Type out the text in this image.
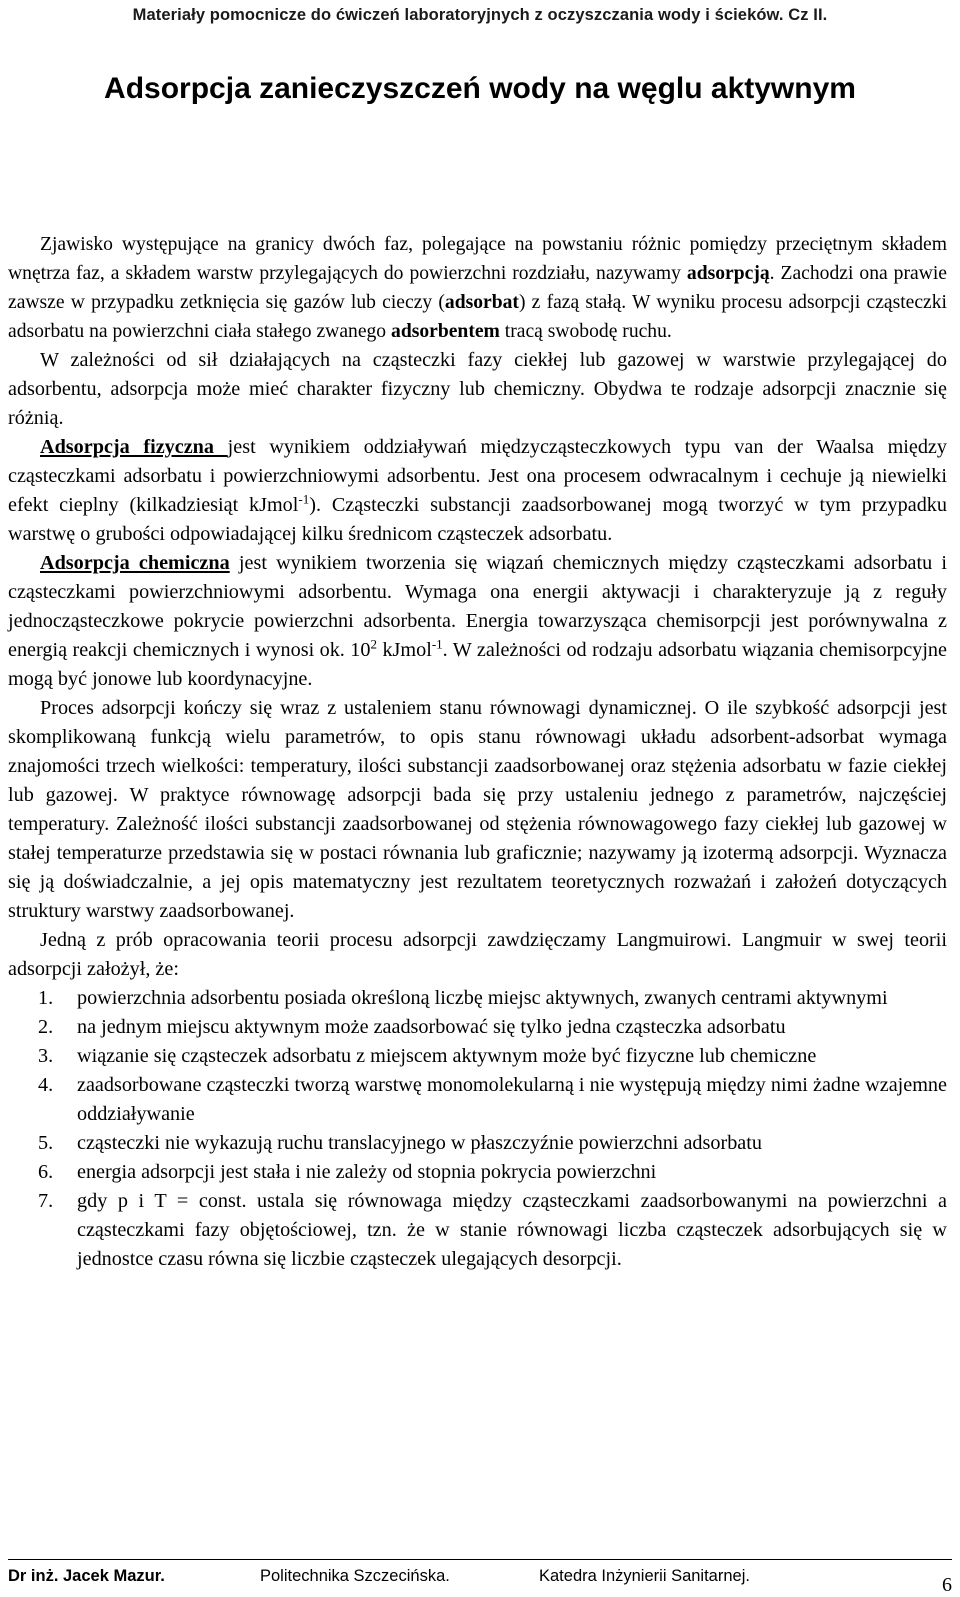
Materiały pomocnicze do ćwiczeń laboratoryjnych z oczyszczania wody i ścieków. Cz II.
Adsorpcja zanieczyszczeń wody na węglu aktywnym

Zjawisko występujące na granicy dwóch faz, polegające na powstaniu różnic pomiędzy przeciętnym składem wnętrza faz, a składem warstw przylegających do powierzchni rozdziału, nazywamy adsorpcją. Zachodzi ona prawie zawsze w przypadku zetknięcia się gazów lub cieczy (adsorbat) z fazą stałą. W wyniku procesu adsorpcji cząsteczki adsorbatu na powierzchni ciała stałego zwanego adsorbentem tracą swobodę ruchu.

W zależności od sił działających na cząsteczki fazy ciekłej lub gazowej w warstwie przylegającej do adsorbentu, adsorpcja może mieć charakter fizyczny lub chemiczny. Obydwa te rodzaje adsorpcji znacznie się różnią.

Adsorpcja fizyczna jest wynikiem oddziaływań międzycząsteczkowych typu van der Waalsa między cząsteczkami adsorbatu i powierzchniowymi adsorbentu. Jest ona procesem odwracalnym i cechuje ją niewielki efekt cieplny (kilkadziesiąt kJmol$^{-1}$). Cząsteczki substancji zaadsorbowanej mogą tworzyć w tym przypadku warstwę o grubości odpowiadającej kilku średnicom cząsteczek adsorbatu.

Adsorpcja chemiczna jest wynikiem tworzenia się wiązań chemicznych między cząsteczkami adsorbatu i cząsteczkami powierzchniowymi adsorbentu. Wymaga ona energii aktywacji i charakteryzuje ją z reguły jednocząsteczkowe pokrycie powierzchni adsorbenta. Energia towarzysząca chemisorpcji jest porównywalna z energią reakcji chemicznych i wynosi ok. $10^2$ kJmol$^{-1}$. W zależności od rodzaju adsorbatu wiązania chemisorpcyjne mogą być jonowe lub koordynacyjne.

Proces adsorpcji kończy się wraz z ustaleniem stanu równowagi dynamicznej. O ile szybkość adsorpcji jest skomplikowaną funkcją wielu parametrów, to opis stanu równowagi układu adsorbent-adsorbat wymaga znajomości trzech wielkości: temperatury, ilości substancji zaadsorbowanej oraz stężenia adsorbatu w fazie ciekłej lub gazowej. W praktyce równowagę adsorpcji bada się przy ustaleniu jednego z parametrów, najczęściej temperatury. Zależność ilości substancji zaadsorbowanej od stężenia równowagowego fazy ciekłej lub gazowej w stałej temperaturze przedstawia się w postaci równania lub graficznie; nazywamy ją izotermą adsorpcji. Wyznacza się ją doświadczalnie, a jej opis matematyczny jest rezultatem teoretycznych rozważań i założeń dotyczących struktury warstwy zaadsorbowanej.

Jedną z prób opracowania teorii procesu adsorpcji zawdzięczamy Langmuirowi. Langmuir w swej teorii adsorpcji założył, że:

1. powierzchnia adsorbentu posiada określoną liczbę miejsc aktywnych, zwanych centrami aktywnymi
2. na jednym miejscu aktywnym może zaadsorbować się tylko jedna cząsteczka adsorbatu
3. wiązanie się cząsteczek adsorbatu z miejscem aktywnym może być fizyczne lub chemiczne
4. zaadsorbowane cząsteczki tworzą warstwę monomolekularną i nie występują między nimi żadne wzajemne oddziaływanie
5. cząsteczki nie wykazują ruchu translacyjnego w płaszczyźnie powierzchni adsorbatu
6. energia adsorpcji jest stała i nie zależy od stopnia pokrycia powierzchni
7. gdy p i T = const. ustala się równowaga między cząsteczkami zaadsorbowanymi na powierzchni a cząsteczkami fazy objętościowej, tzn. że w stanie równowagi liczba cząsteczek adsorbujących się w jednostce czasu równa się liczbie cząsteczek ulegających desorpcji.
Dr inż. Jacek Mazur.	Politechnika Szczecińska.	Katedra Inżynierii Sanitarnej.	6
